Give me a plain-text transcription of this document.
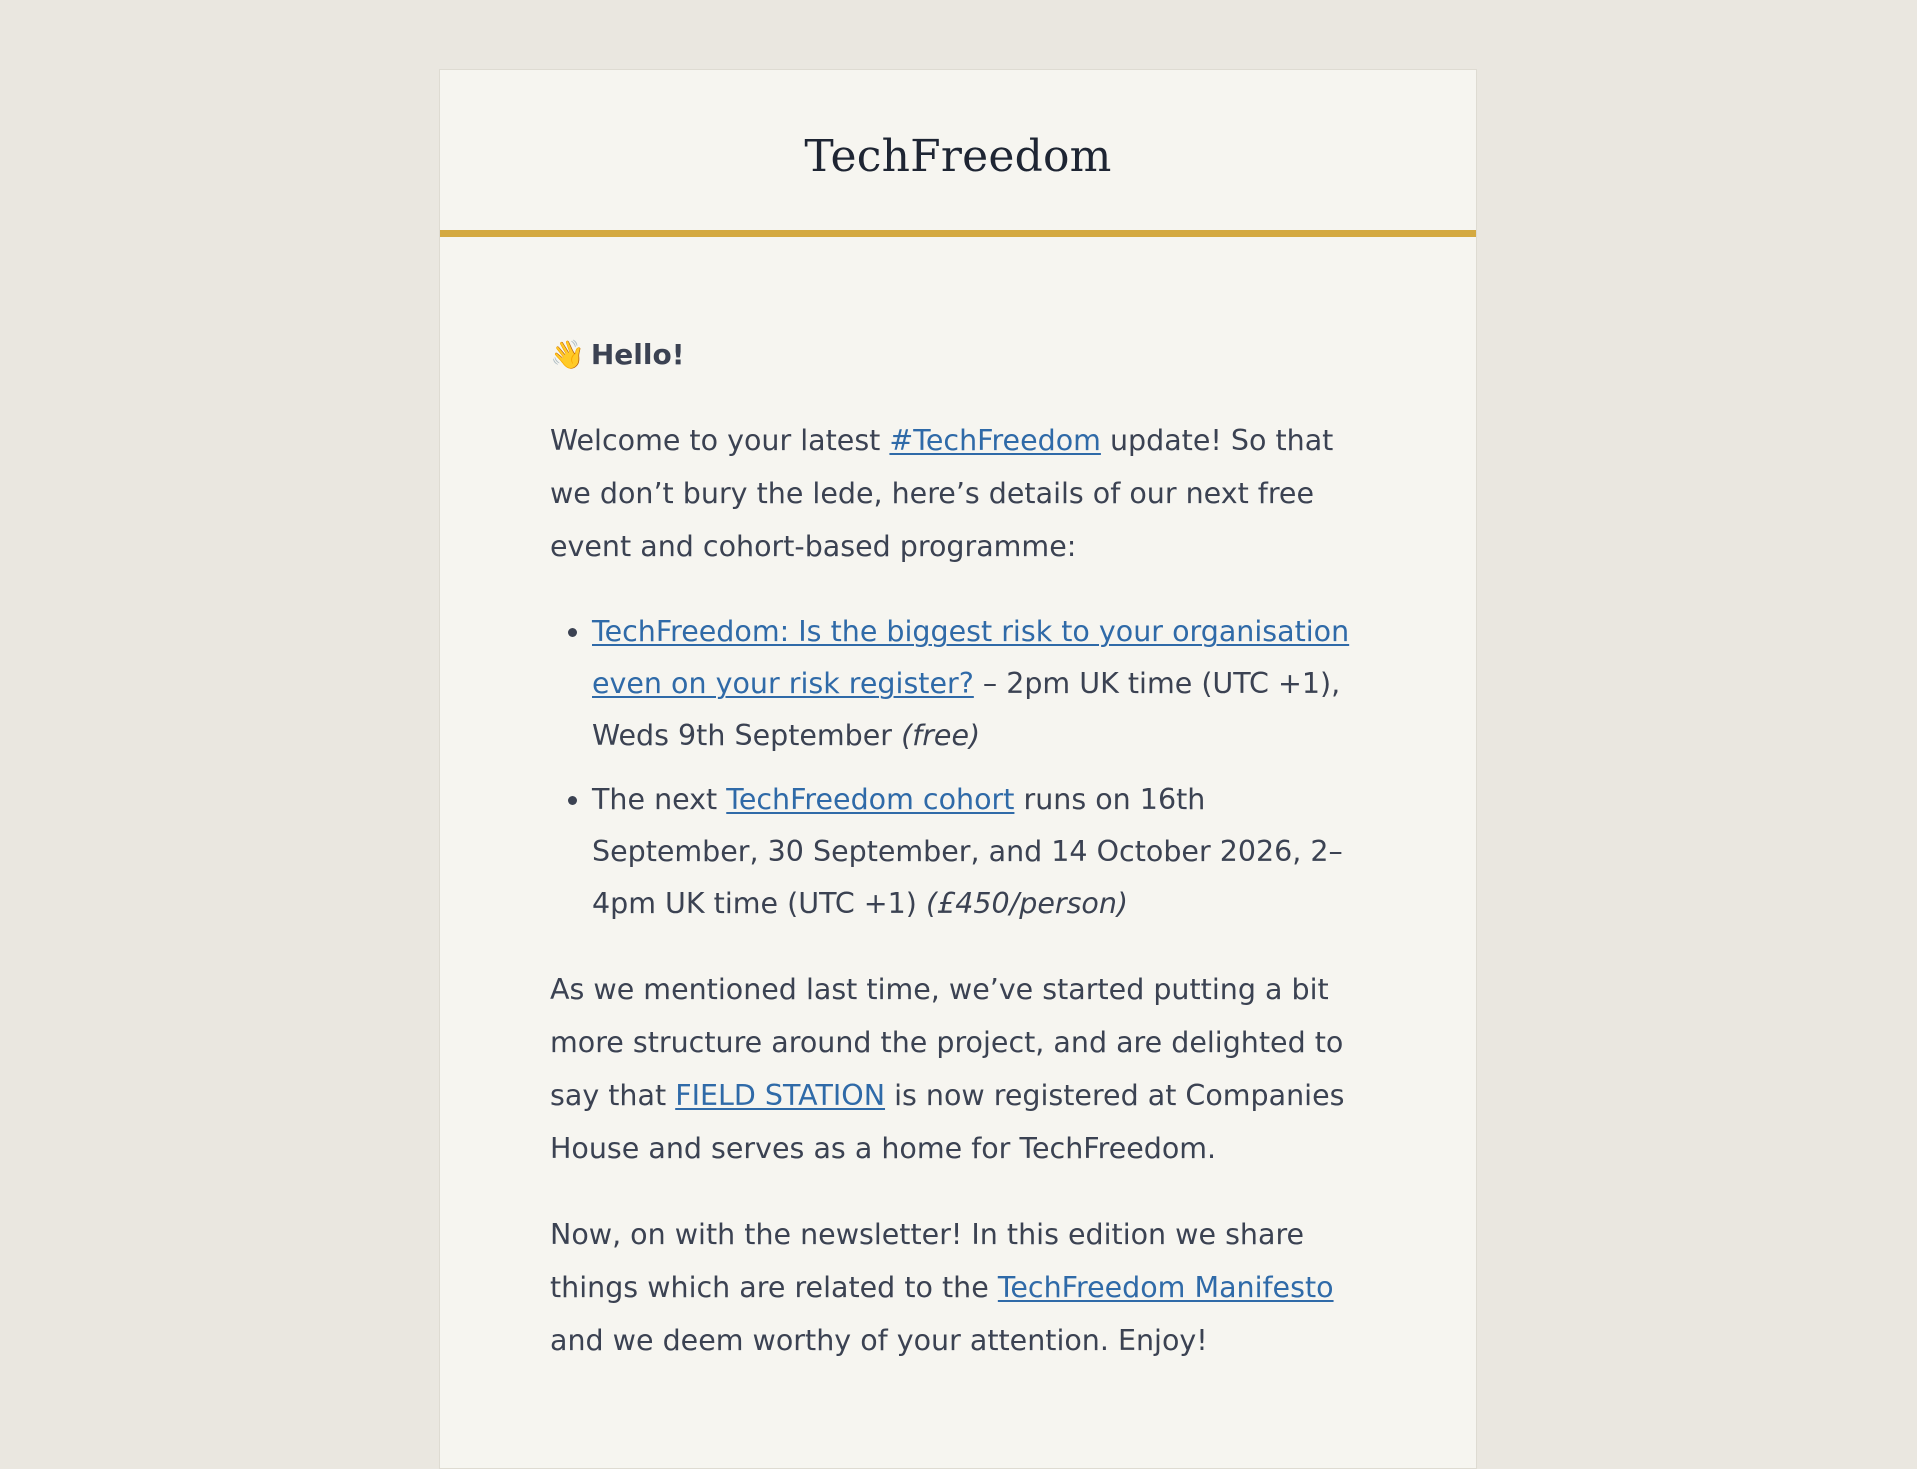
TechFreedom
👋 Hello!

Welcome to your latest #TechFreedom update! So that we don’t bury the lede, here’s details of our next free event and cohort-based programme:

• TechFreedom: Is the biggest risk to your organisation even on your risk register? – 2pm UK time (UTC +1), Weds 9th September (free)
• The next TechFreedom cohort runs on 16th September, 30 September, and 14 October 2026, 2–4pm UK time (UTC +1) (£450/person)

As we mentioned last time, we’ve started putting a bit more structure around the project, and are delighted to say that FIELD STATION is now registered at Companies House and serves as a home for TechFreedom.

Now, on with the newsletter! In this edition we share things which are related to the TechFreedom Manifesto and we deem worthy of your attention. Enjoy!
